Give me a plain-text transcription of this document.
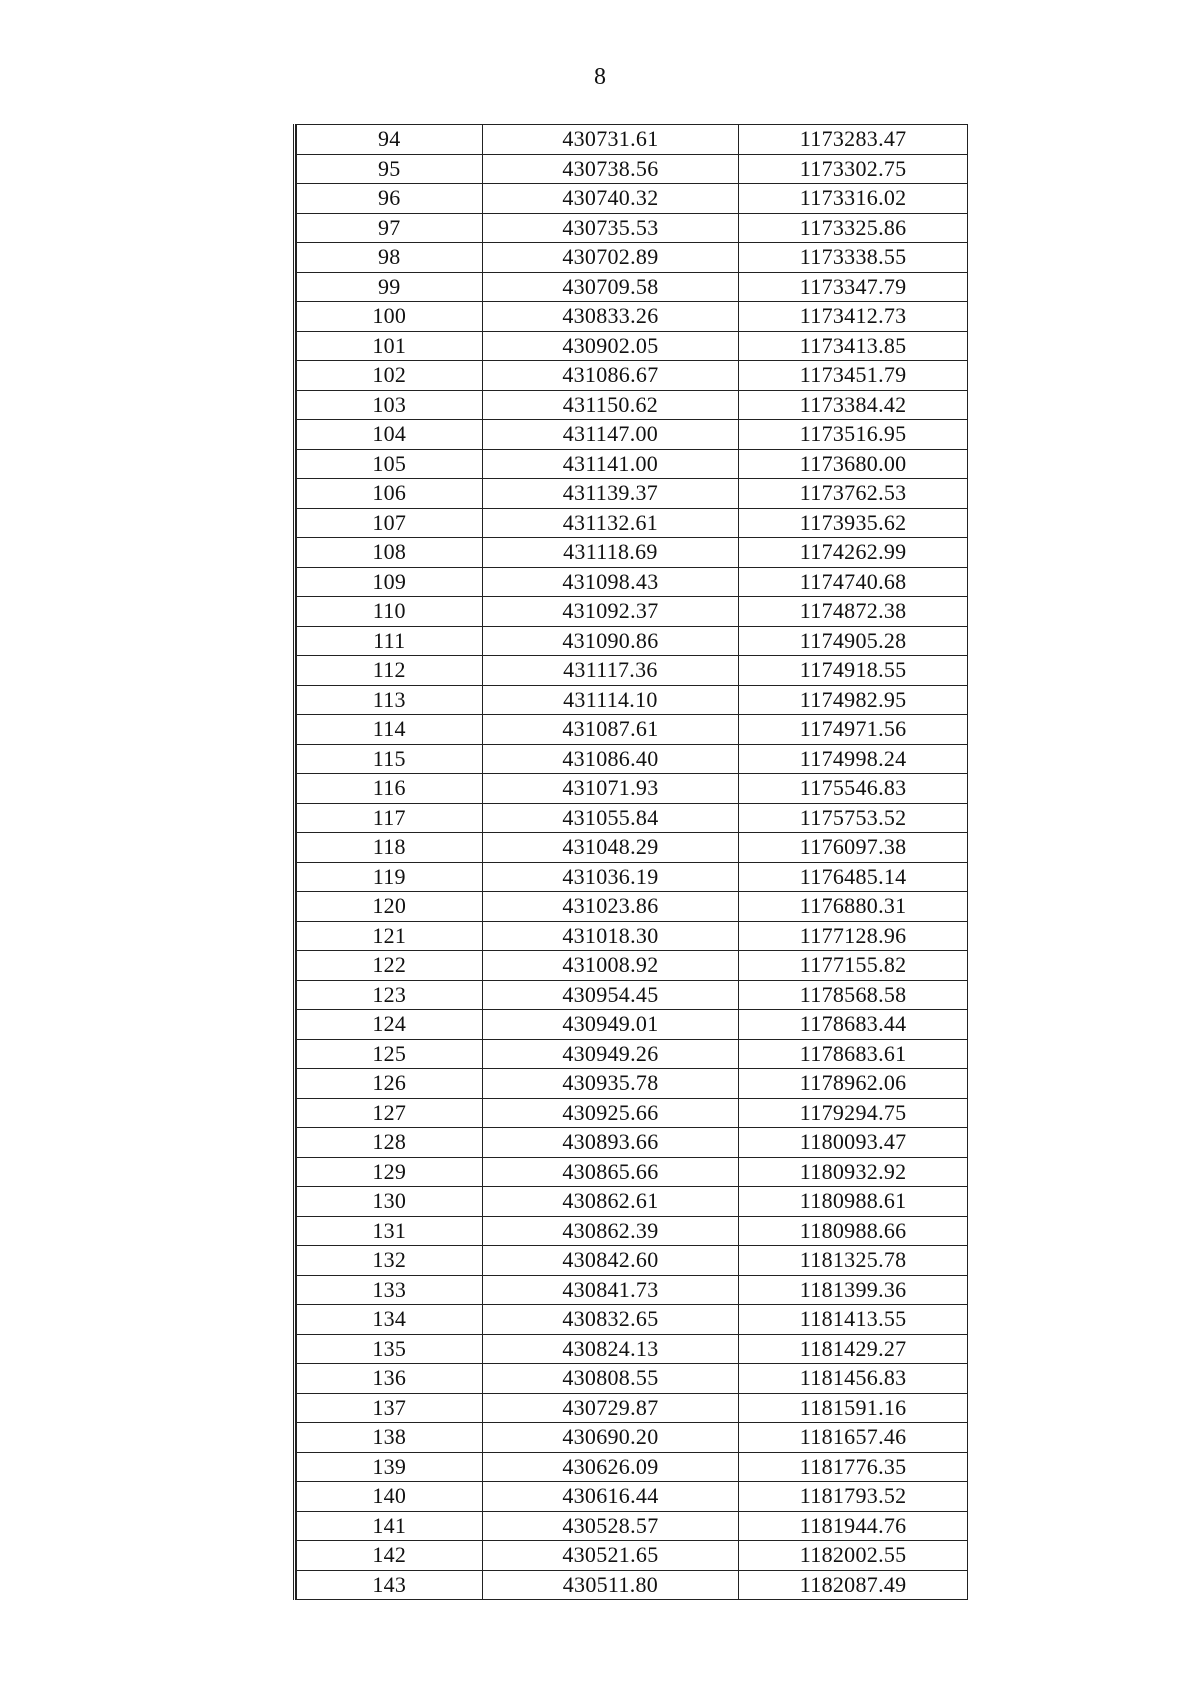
8
94	430731.61	1173283.47
95	430738.56	1173302.75
96	430740.32	1173316.02
97	430735.53	1173325.86
98	430702.89	1173338.55
99	430709.58	1173347.79
100	430833.26	1173412.73
101	430902.05	1173413.85
102	431086.67	1173451.79
103	431150.62	1173384.42
104	431147.00	1173516.95
105	431141.00	1173680.00
106	431139.37	1173762.53
107	431132.61	1173935.62
108	431118.69	1174262.99
109	431098.43	1174740.68
110	431092.37	1174872.38
111	431090.86	1174905.28
112	431117.36	1174918.55
113	431114.10	1174982.95
114	431087.61	1174971.56
115	431086.40	1174998.24
116	431071.93	1175546.83
117	431055.84	1175753.52
118	431048.29	1176097.38
119	431036.19	1176485.14
120	431023.86	1176880.31
121	431018.30	1177128.96
122	431008.92	1177155.82
123	430954.45	1178568.58
124	430949.01	1178683.44
125	430949.26	1178683.61
126	430935.78	1178962.06
127	430925.66	1179294.75
128	430893.66	1180093.47
129	430865.66	1180932.92
130	430862.61	1180988.61
131	430862.39	1180988.66
132	430842.60	1181325.78
133	430841.73	1181399.36
134	430832.65	1181413.55
135	430824.13	1181429.27
136	430808.55	1181456.83
137	430729.87	1181591.16
138	430690.20	1181657.46
139	430626.09	1181776.35
140	430616.44	1181793.52
141	430528.57	1181944.76
142	430521.65	1182002.55
143	430511.80	1182087.49
